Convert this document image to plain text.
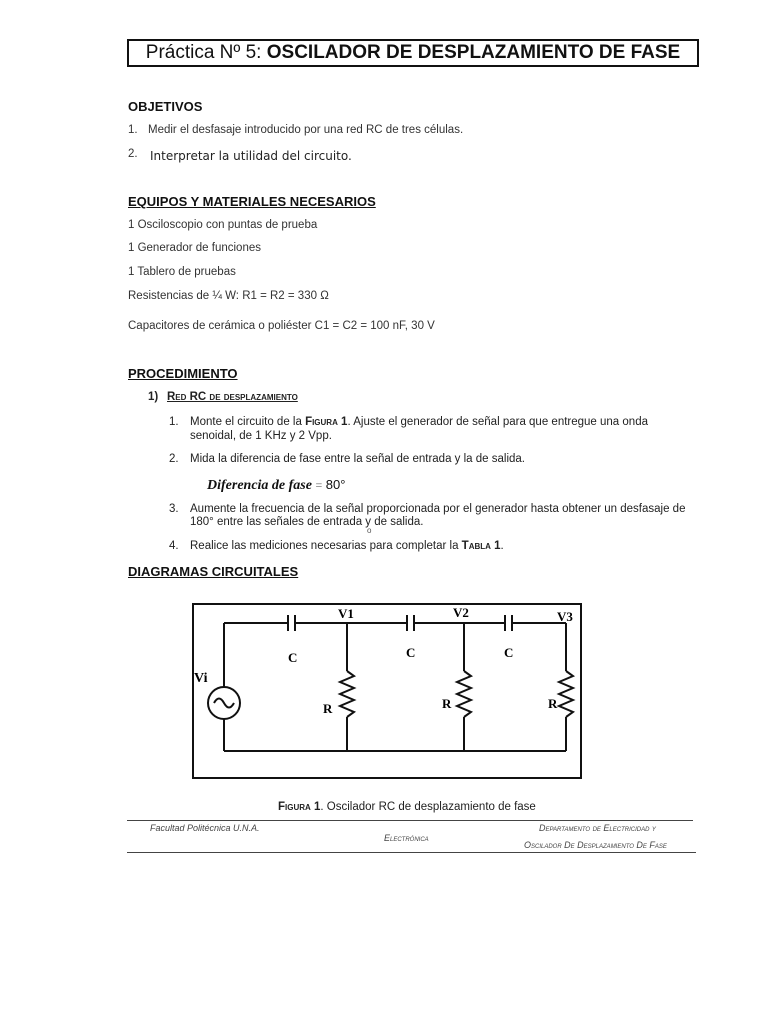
Práctica Nº 5: OSCILADOR DE DESPLAZAMIENTO DE FASE
OBJETIVOS
1. Medir el desfasaje introducido por una red RC de tres células.
2. Interpretar la utilidad del circuito.
EQUIPOS Y MATERIALES NECESARIOS
1 Osciloscopio con puntas de prueba
1 Generador de funciones
1 Tablero de pruebas
Resistencias de ¼ W: R1 = R2 = 330 Ω
Capacitores de cerámica o poliéster C1 = C2 = 100 nF, 30 V
PROCEDIMIENTO
1) Red RC de desplazamiento
1. Monte el circuito de la Figura 1. Ajuste el generador de señal para que entregue una onda
senoidal, de 1 KHz y 2 Vpp.
2. Mida la diferencia de fase entre la señal de entrada y la de salida.
Diferencia de fase = 80°
3. Aumente la frecuencia de la señal proporcionada por el generador hasta obtener un desfasaje de
180° entre las señales de entrada y de salida.
o
4. Realice las mediciones necesarias para completar la Tabla 1.
DIAGRAMAS CIRCUITALES
V1	V2	V3
Vi
C	C	C
R	R	R
Figura 1. Oscilador RC de desplazamiento de fase
Facultad Politécnica U.N.A.	Departamento de Electricidad y
Electrónica
Oscilador De Desplazamiento De Fase
